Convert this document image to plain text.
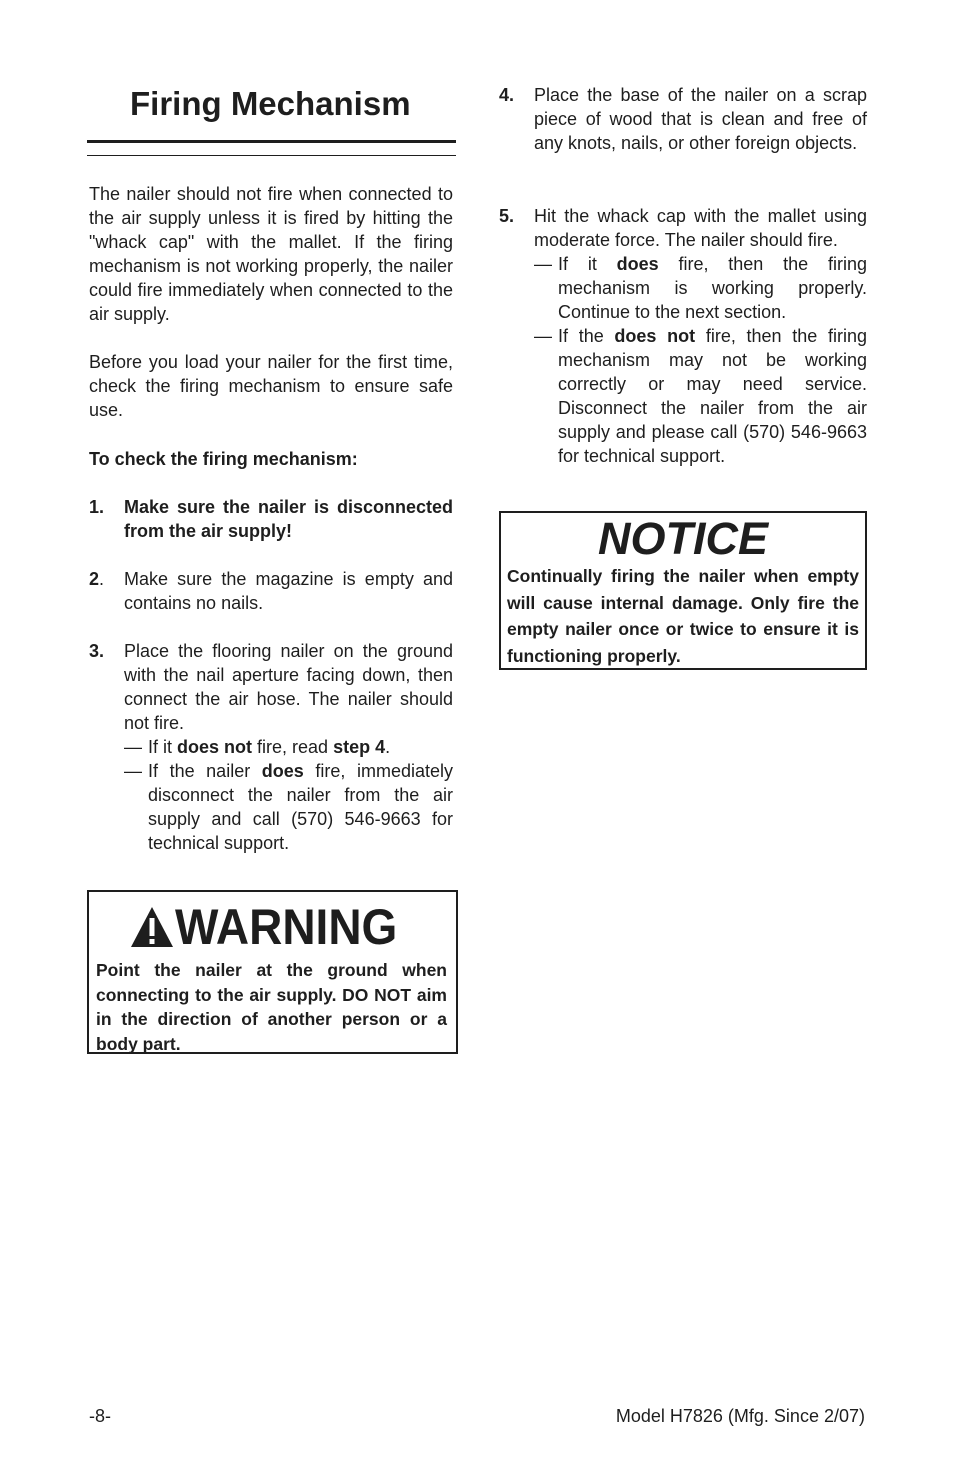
Firing Mechanism

The nailer should not fire when connected to the air supply unless it is fired by hitting the "whack cap" with the mallet. If the firing mechanism is not working properly, the nailer could fire immediately when connected to the air supply.

Before you load your nailer for the first time, check the firing mechanism to ensure safe use.

To check the firing mechanism:

1. Make sure the nailer is disconnected from the air supply!
2. Make sure the magazine is empty and contains no nails.
3. Place the flooring nailer on the ground with the nail aperture facing down, then connect the air hose. The nailer should not fire.
— If it does not fire, read step 4.
— If the nailer does fire, immediately disconnect the nailer from the air supply and call (570) 546-9663 for technical support.
WARNING

Point the nailer at the ground when connecting to the air supply. DO NOT aim in the direction of another person or a body part.

4. Place the base of the nailer on a scrap piece of wood that is clean and free of any knots, nails, or other foreign objects.
5. Hit the whack cap with the mallet using moderate force. The nailer should fire.
— If it does fire, then the firing mechanism is working properly. Continue to the next section.
— If the does not fire, then the firing mechanism may not be working correctly or may need service. Disconnect the nailer from the air supply and please call (570) 546-9663 for technical support.
NOTICE

Continually firing the nailer when empty will cause internal damage. Only fire the empty nailer once or twice to ensure it is functioning properly.

-8-	Model H7826 (Mfg. Since 2/07)
